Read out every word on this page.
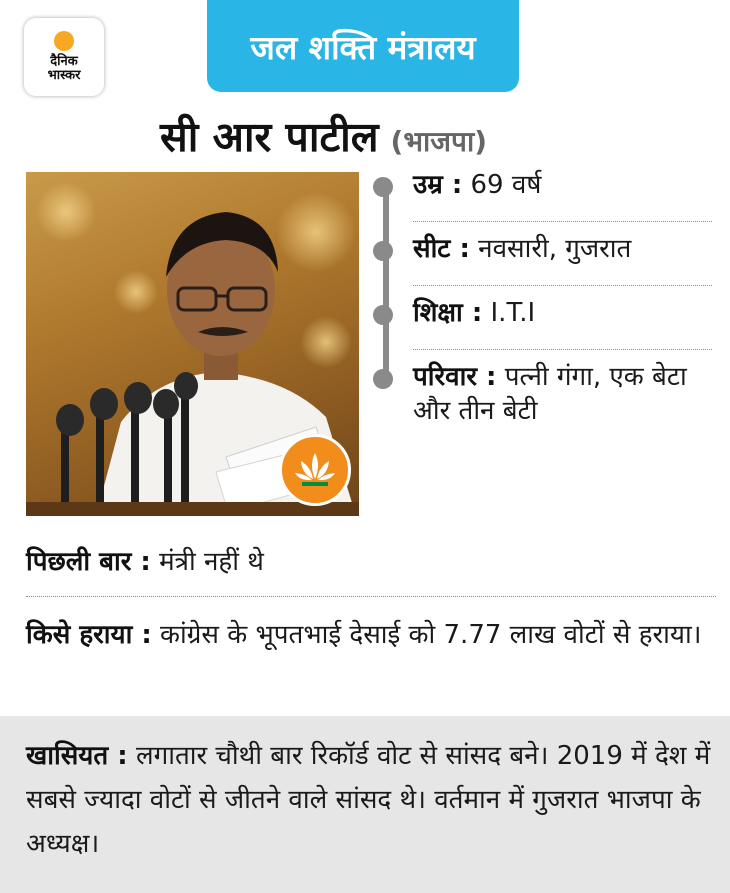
दैनिक
भास्कर
जल शक्ति मंत्रालय
सी आर पाटील (भाजपा)
उम्र : 69 वर्ष
सीट : नवसारी, गुजरात
शिक्षा : I.T.I
परिवार : पत्नी गंगा, एक बेटा और तीन बेटी
पिछली बार : मंत्री नहीं थे
किसे हराया : कांग्रेस के भूपतभाई देसाई को 7.77 लाख वोटों से हराया।
खासियत : लगातार चौथी बार रिकॉर्ड वोट से सांसद बने। 2019 में देश में सबसे ज्यादा वोटों से जीतने वाले सांसद थे। वर्तमान में गुजरात भाजपा के अध्यक्ष।
